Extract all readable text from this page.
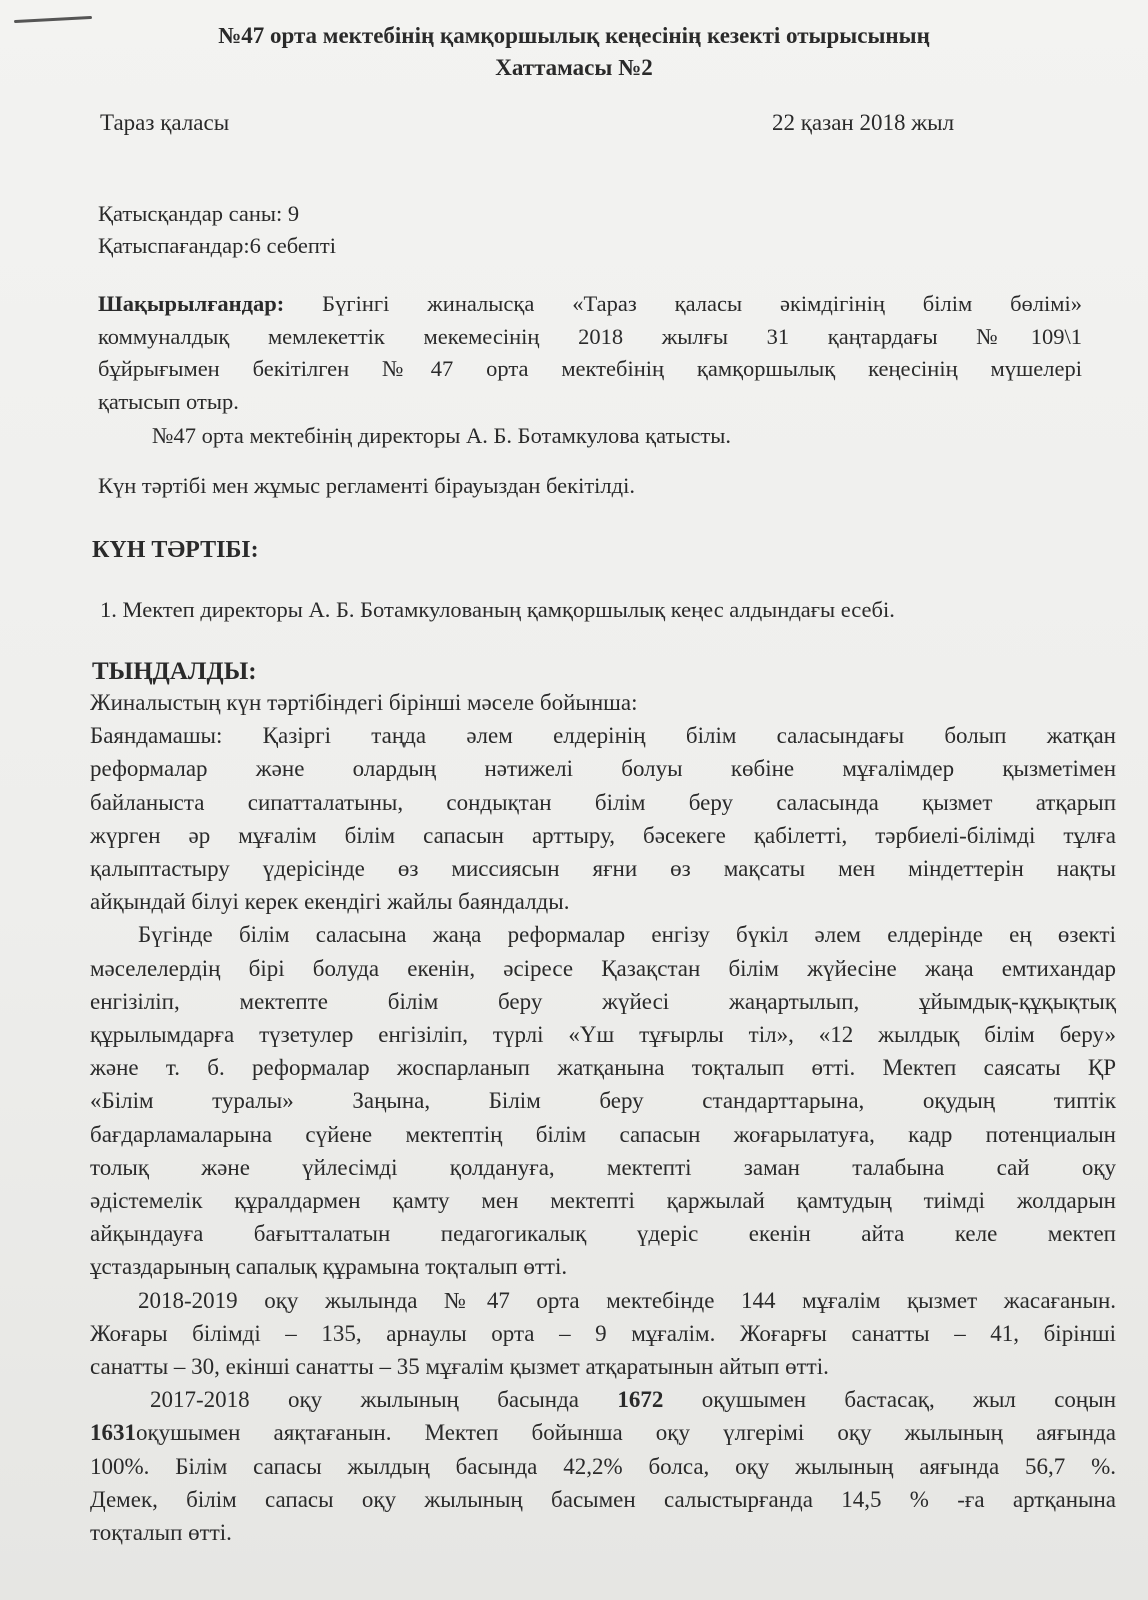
№47 орта мектебінің қамқоршылық кеңесінің кезекті отырысының
Хаттамасы №2
Тараз қаласы	22 қазан 2018 жыл
Қатысқандар саны: 9
Қатыспағандар:6 себепті
Шақырылғандар: Бүгінгі жиналысқа «Тараз қаласы әкімдігінің білім бөлімі»
коммуналдық мемлекеттік мекемесінің 2018 жылғы 31 қаңтардағы №109\1
бұйрығымен бекітілген №47 орта мектебінің қамқоршылық кеңесінің мүшелері
қатысып отыр.
№47 орта мектебінің директоры А. Б. Ботамкулова қатысты.
Күн тәртібі мен жұмыс регламенті бірауыздан бекітілді.
КҮН ТӘРТІБІ:
1. Мектеп директоры А. Б. Ботамкулованың қамқоршылық кеңес алдындағы есебі.
ТЫҢДАЛДЫ:
Жиналыстың күн тәртібіндегі бірінші мәселе бойынша:
Баяндамашы: Қазіргі таңда әлем елдерінің білім саласындағы болып жатқан
реформалар және олардың нәтижелі болуы көбіне мұғалімдер қызметімен
байланыста сипатталатыны, сондықтан білім беру саласында қызмет атқарып
жүрген әр мұғалім білім сапасын арттыру, бәсекеге қабілетті, тәрбиелі-білімді тұлға
қалыптастыру үдерісінде өз миссиясын яғни өз мақсаты мен міндеттерін нақты
айқындай білуі керек екендігі жайлы баяндалды.
Бүгінде білім саласына жаңа реформалар енгізу бүкіл әлем елдерінде ең өзекті
мәселелердің бірі болуда екенін, әсіресе Қазақстан білім жүйесіне жаңа емтихандар
енгізіліп, мектепте білім беру жүйесі жаңартылып, ұйымдық-құқықтық
құрылымдарға түзетулер енгізіліп, түрлі «Үш тұғырлы тіл», «12 жылдық білім беру»
және т. б. реформалар жоспарланып жатқанына тоқталып өтті. Мектеп саясаты ҚР
«Білім туралы» Заңына, Білім беру стандарттарына, оқудың типтік
бағдарламаларына сүйене мектептің білім сапасын жоғарылатуға, кадр потенциалын
толық және үйлесімді қолдануға, мектепті заман талабына сай оқу
әдістемелік құралдармен қамту мен мектепті қаржылай қамтудың тиімді жолдарын
айқындауға бағытталатын педагогикалық үдеріс екенін айта келе мектеп
ұстаздарының сапалық құрамына тоқталып өтті.
2018-2019 оқу жылында №47 орта мектебінде 144 мұғалім қызмет жасағанын.
Жоғары білімді – 135, арнаулы орта – 9 мұғалім. Жоғарғы санатты – 41, бірінші
санатты – 30, екінші санатты – 35 мұғалім қызмет атқаратынын айтып өтті.
2017-2018 оқу жылының басында 1672 оқушымен бастасақ, жыл соңын
1631оқушымен аяқтағанын. Мектеп бойынша оқу үлгерімі оқу жылының аяғында
100%. Білім сапасы жылдың басында 42,2% болса, оқу жылының аяғында 56,7 %.
Демек, білім сапасы оқу жылының басымен салыстырғанда 14,5 % -ға артқанына
тоқталып өтті.
